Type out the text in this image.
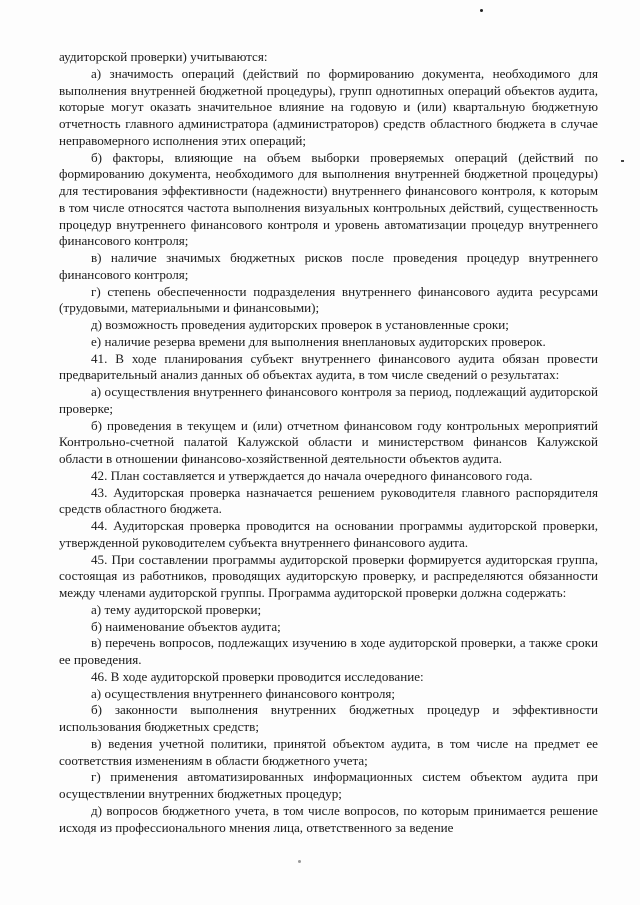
аудиторской проверки) учитываются:

а) значимость операций (действий по формированию документа, необходимого для выполнения внутренней бюджетной процедуры), групп однотипных операций объектов аудита, которые могут оказать значительное влияние на годовую и (или) квартальную бюджетную отчетность главного администратора (администраторов) средств областного бюджета в случае неправомерного исполнения этих операций;

б) факторы, влияющие на объем выборки проверяемых операций (действий по формированию документа, необходимого для выполнения внутренней бюджетной процедуры) для тестирования эффективности (надежности) внутреннего финансового контроля, к которым в том числе относятся частота выполнения визуальных контрольных действий, существенность процедур внутреннего финансового контроля и уровень автоматизации процедур внутреннего финансового контроля;

в) наличие значимых бюджетных рисков после проведения процедур внутреннего финансового контроля;

г) степень обеспеченности подразделения внутреннего финансового аудита ресурсами (трудовыми, материальными и финансовыми);

д) возможность проведения аудиторских проверок в установленные сроки;

е) наличие резерва времени для выполнения внеплановых аудиторских проверок.

41. В ходе планирования субъект внутреннего финансового аудита обязан провести предварительный анализ данных об объектах аудита, в том числе сведений о результатах:

а) осуществления внутреннего финансового контроля за период, подлежащий аудиторской проверке;

б) проведения в текущем и (или) отчетном финансовом году контрольных мероприятий Контрольно-счетной палатой Калужской области и министерством финансов Калужской области в отношении финансово-хозяйственной деятельности объектов аудита.

42. План составляется и утверждается до начала очередного финансового года.

43. Аудиторская проверка назначается решением руководителя главного распорядителя средств областного бюджета.

44. Аудиторская проверка проводится на основании программы аудиторской проверки, утвержденной руководителем субъекта внутреннего финансового аудита.

45. При составлении программы аудиторской проверки формируется аудиторская группа, состоящая из работников, проводящих аудиторскую проверку, и распределяются обязанности между членами аудиторской группы. Программа аудиторской проверки должна содержать:

а) тему аудиторской проверки;

б) наименование объектов аудита;

в) перечень вопросов, подлежащих изучению в ходе аудиторской проверки, а также сроки ее проведения.

46. В ходе аудиторской проверки проводится исследование:

а) осуществления внутреннего финансового контроля;

б) законности выполнения внутренних бюджетных процедур и эффективности использования бюджетных средств;

в) ведения учетной политики, принятой объектом аудита, в том числе на предмет ее соответствия изменениям в области бюджетного учета;

г) применения автоматизированных информационных систем объектом аудита при осуществлении внутренних бюджетных процедур;

д) вопросов бюджетного учета, в том числе вопросов, по которым принимается решение исходя из профессионального мнения лица, ответственного за ведение
